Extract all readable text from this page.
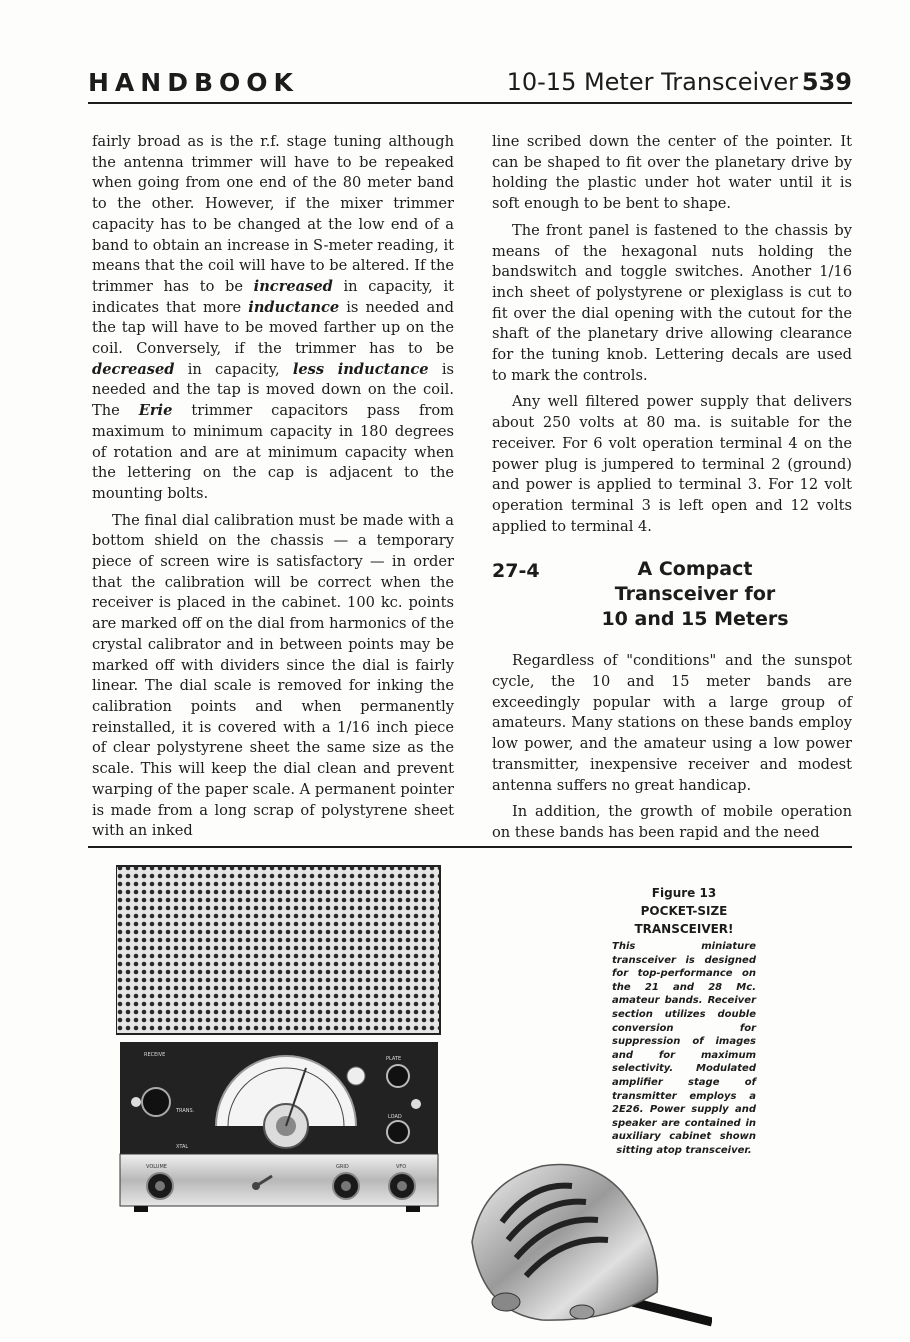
HANDBOOK	10-15 Meter Transceiver 539

fairly broad as is the r.f. stage tuning although the antenna trimmer will have to be repeaked when going from one end of the 80 meter band to the other. However, if the mixer trimmer capacity has to be changed at the low end of a band to obtain an increase in S-meter reading, it means that the coil will have to be altered. If the trimmer has to be increased in capacity, it indicates that more inductance is needed and the tap will have to be moved farther up on the coil. Conversely, if the trimmer has to be decreased in capacity, less inductance is needed and the tap is moved down on the coil. The Erie trimmer capacitors pass from maximum to minimum capacity in 180 degrees of rotation and are at minimum capacity when the lettering on the cap is adjacent to the mounting bolts.

The final dial calibration must be made with a bottom shield on the chassis — a temporary piece of screen wire is satisfactory — in order that the calibration will be correct when the receiver is placed in the cabinet. 100 kc. points are marked off on the dial from harmonics of the crystal calibrator and in between points may be marked off with dividers since the dial is fairly linear. The dial scale is removed for inking the calibration points and when permanently reinstalled, it is covered with a 1/16 inch piece of clear polystyrene sheet the same size as the scale. This will keep the dial clean and prevent warping of the paper scale. A permanent pointer is made from a long scrap of polystyrene sheet with an inked

line scribed down the center of the pointer. It can be shaped to fit over the planetary drive by holding the plastic under hot water until it is soft enough to be bent to shape.

The front panel is fastened to the chassis by means of the hexagonal nuts holding the bandswitch and toggle switches. Another 1/16 inch sheet of polystyrene or plexiglass is cut to fit over the dial opening with the cutout for the shaft of the planetary drive allowing clearance for the tuning knob. Lettering decals are used to mark the controls.

Any well filtered power supply that delivers about 250 volts at 80 ma. is suitable for the receiver. For 6 volt operation terminal 4 on the power plug is jumpered to terminal 2 (ground) and power is applied to terminal 3. For 12 volt operation terminal 3 is left open and 12 volts applied to terminal 4.

27-4	A Compact
Transceiver for
10 and 15 Meters

Regardless of "conditions" and the sunspot cycle, the 10 and 15 meter bands are exceedingly popular with a large group of amateurs. Many stations on these bands employ low power, and the amateur using a low power transmitter, inexpensive receiver and modest antenna suffers no great handicap.

In addition, the growth of mobile operation on these bands has been rapid and the need

RECEIVE
TRANS.
PLATE
LOAD
VOLUME	GRID	VFO
XTAL
Figure 13
POCKET-SIZE TRANSCEIVER!
This miniature transceiver is designed for top-performance on the 21 and 28 Mc. amateur bands. Receiver section utilizes double conversion for suppression of images and for maximum selectivity. Modulated amplifier stage of transmitter employs a 2E26. Power supply and speaker are contained in auxiliary cabinet shown sitting atop transceiver.
